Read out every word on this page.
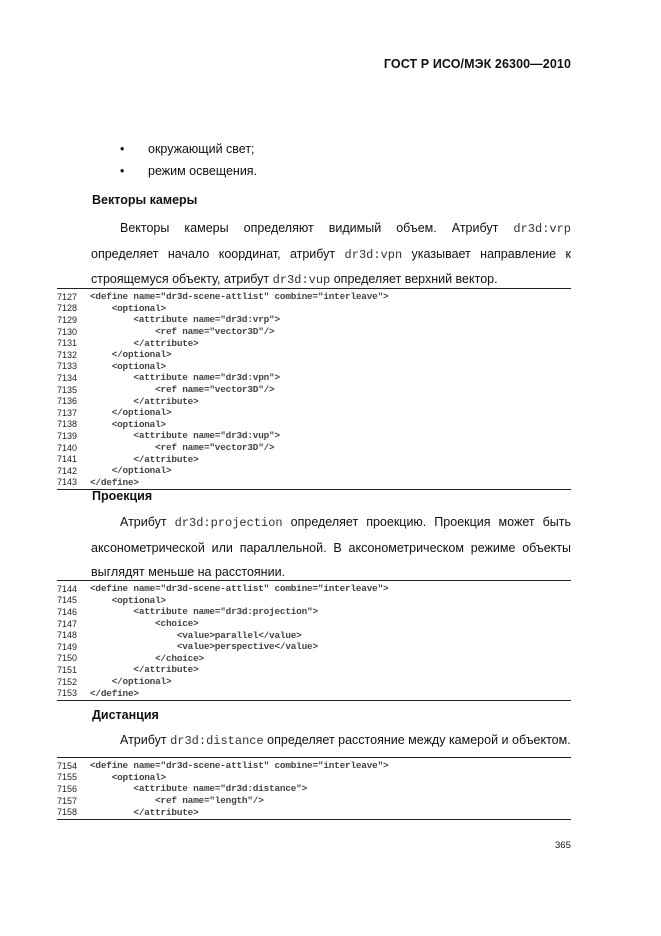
ГОСТ Р ИСО/МЭК 26300—2010
•	окружающий свет;
•	режим освещения.
Векторы камеры

Векторы камеры определяют видимый объем. Атрибут dr3d:vrp определяет начало координат, атрибут dr3d:vpn указывает направление к строящемуся объекту, атрибут dr3d:vup определяет верхний вектор.

7127	<define name="dr3d-scene-attlist" combine="interleave">
7128	<optional>
7129	<attribute name="dr3d:vrp">
7130	<ref name="vector3D"/>
7131	</attribute>
7132	</optional>
7133	<optional>
7134	<attribute name="dr3d:vpn">
7135	<ref name="vector3D"/>
7136	</attribute>
7137	</optional>
7138	<optional>
7139	<attribute name="dr3d:vup">
7140	<ref name="vector3D"/>
7141	</attribute>
7142	</optional>
7143	</define>
Проекция

Атрибут dr3d:projection определяет проекцию. Проекция может быть аксонометрической или параллельной. В аксонометрическом режиме объекты выглядят меньше на расстоянии.

7144	<define name="dr3d-scene-attlist" combine="interleave">
7145	<optional>
7146	<attribute name="dr3d:projection">
7147	<choice>
7148	<value>parallel</value>
7149	<value>perspective</value>
7150	</choice>
7151	</attribute>
7152	</optional>
7153	</define>
Дистанция

Атрибут dr3d:distance определяет расстояние между камерой и объектом.

7154	<define name="dr3d-scene-attlist" combine="interleave">
7155	<optional>
7156	<attribute name="dr3d:distance">
7157	<ref name="length"/>
7158	</attribute>
365
